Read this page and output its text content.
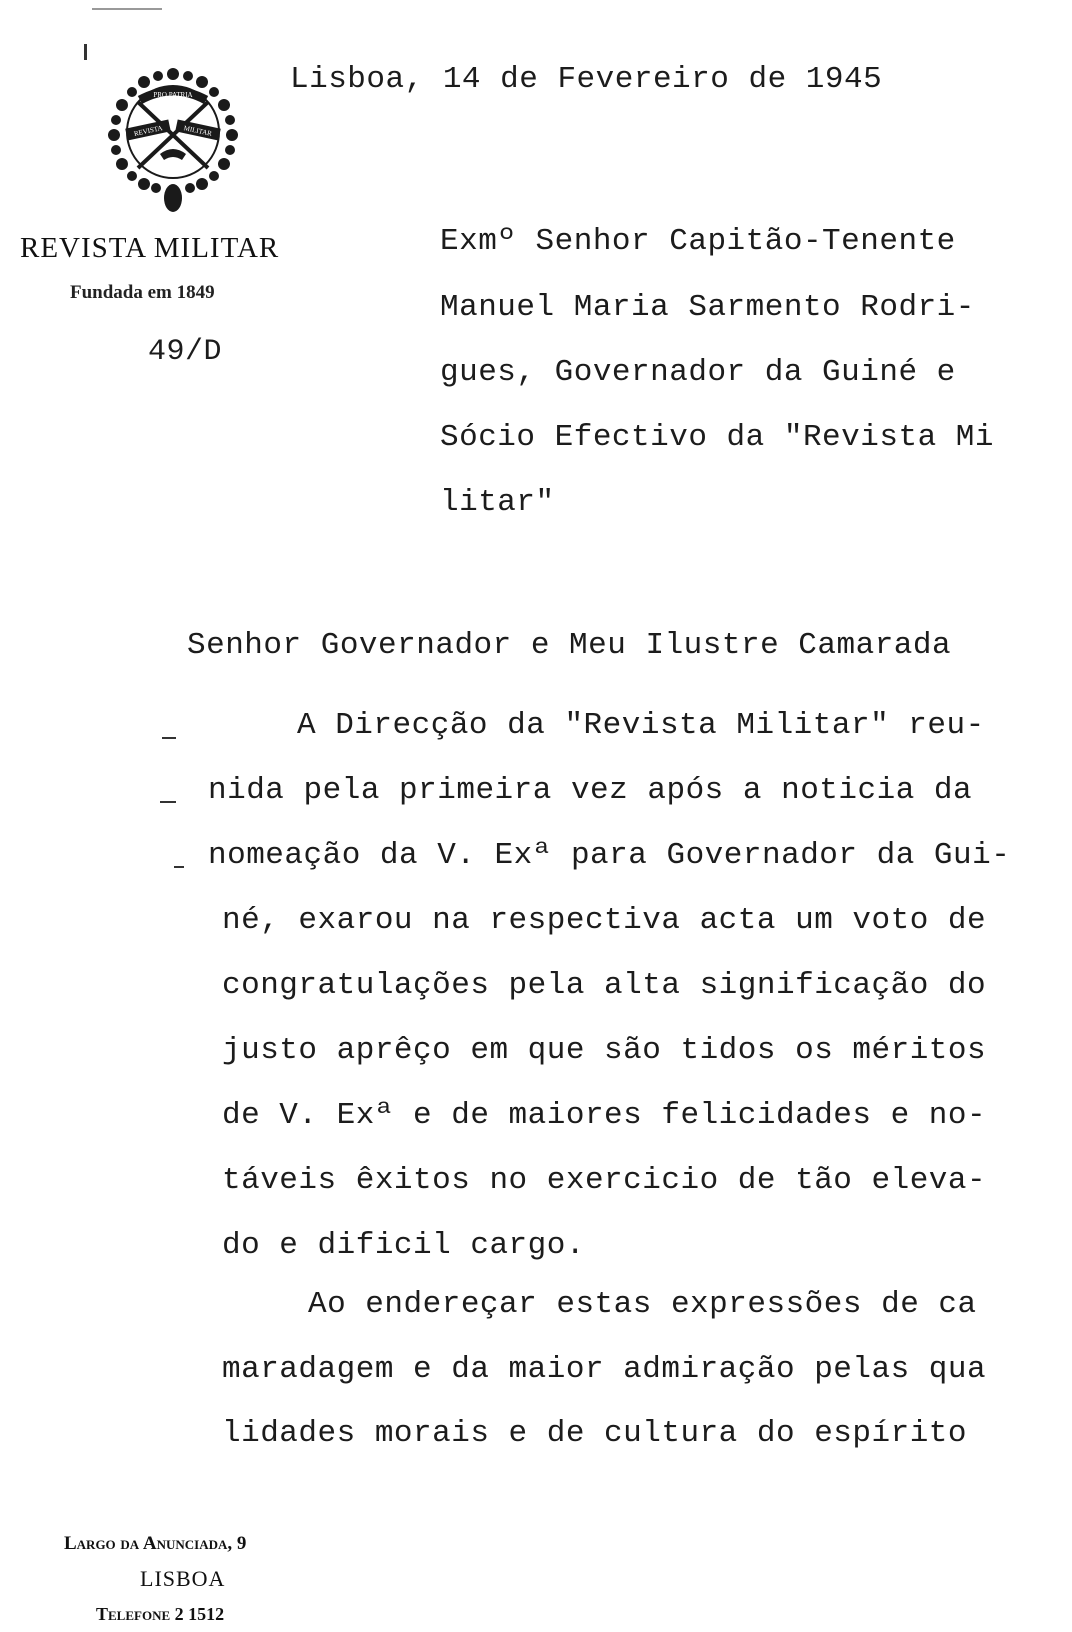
PRO PATRIA
REVISTA	MILITAR
REVISTA MILITAR
Fundada em 1849
49/D
Lisboa, 14 de Fevereiro de 1945
Exmº Senhor Capitão-Tenente
Manuel Maria Sarmento Rodri-
gues, Governador da Guiné e
Sócio Efectivo da "Revista Mi
litar"
Senhor Governador e Meu Ilustre Camarada
A Direcção da "Revista Militar" reu-
nida pela primeira vez após a noticia da
nomeação da V. Exª para Governador da Gui-
né, exarou na respectiva acta um voto de
congratulações pela alta significação do
justo aprêço em que são tidos os méritos
de V. Exª e de maiores felicidades e no-
táveis êxitos no exercicio de tão eleva-
do e dificil cargo.
Ao endereçar estas expressões de ca
maradagem e da maior admiração pelas qua
lidades morais e de cultura do espírito
Largo da Anunciada, 9
LISBOA
Telefone 2 1512
